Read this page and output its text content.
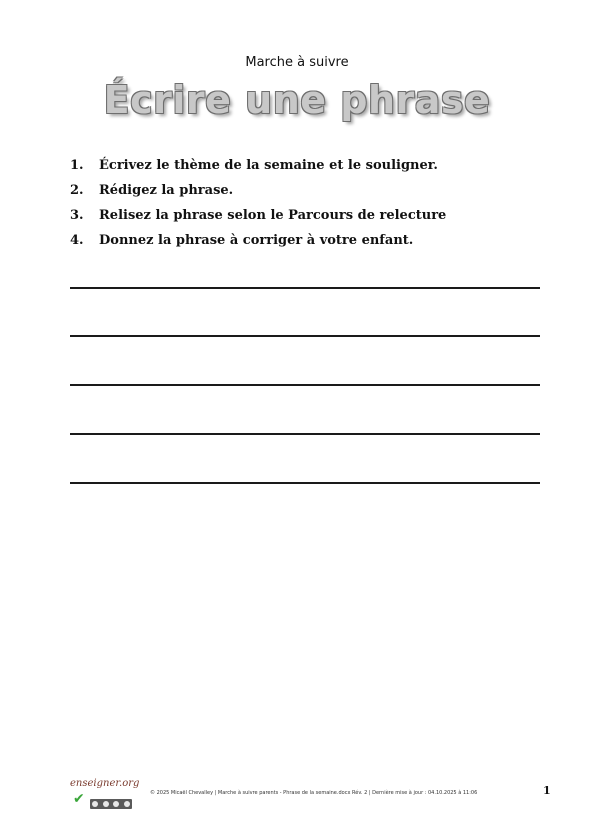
Marche à suivre
Écrire une phrase
1.	Écrivez le thème de la semaine et le souligner.
2.	Rédigez la phrase.
3.	Relisez la phrase selon le Parcours de relecture
4.	Donnez la phrase à corriger à votre enfant.
enseigner.org
✔	© 2025 Micaël Chevalley | Marche à suivre parents - Phrase de la semaine.docx Rév. 2 | Dernière mise à jour : 04.10.2025 à 11:06	1
